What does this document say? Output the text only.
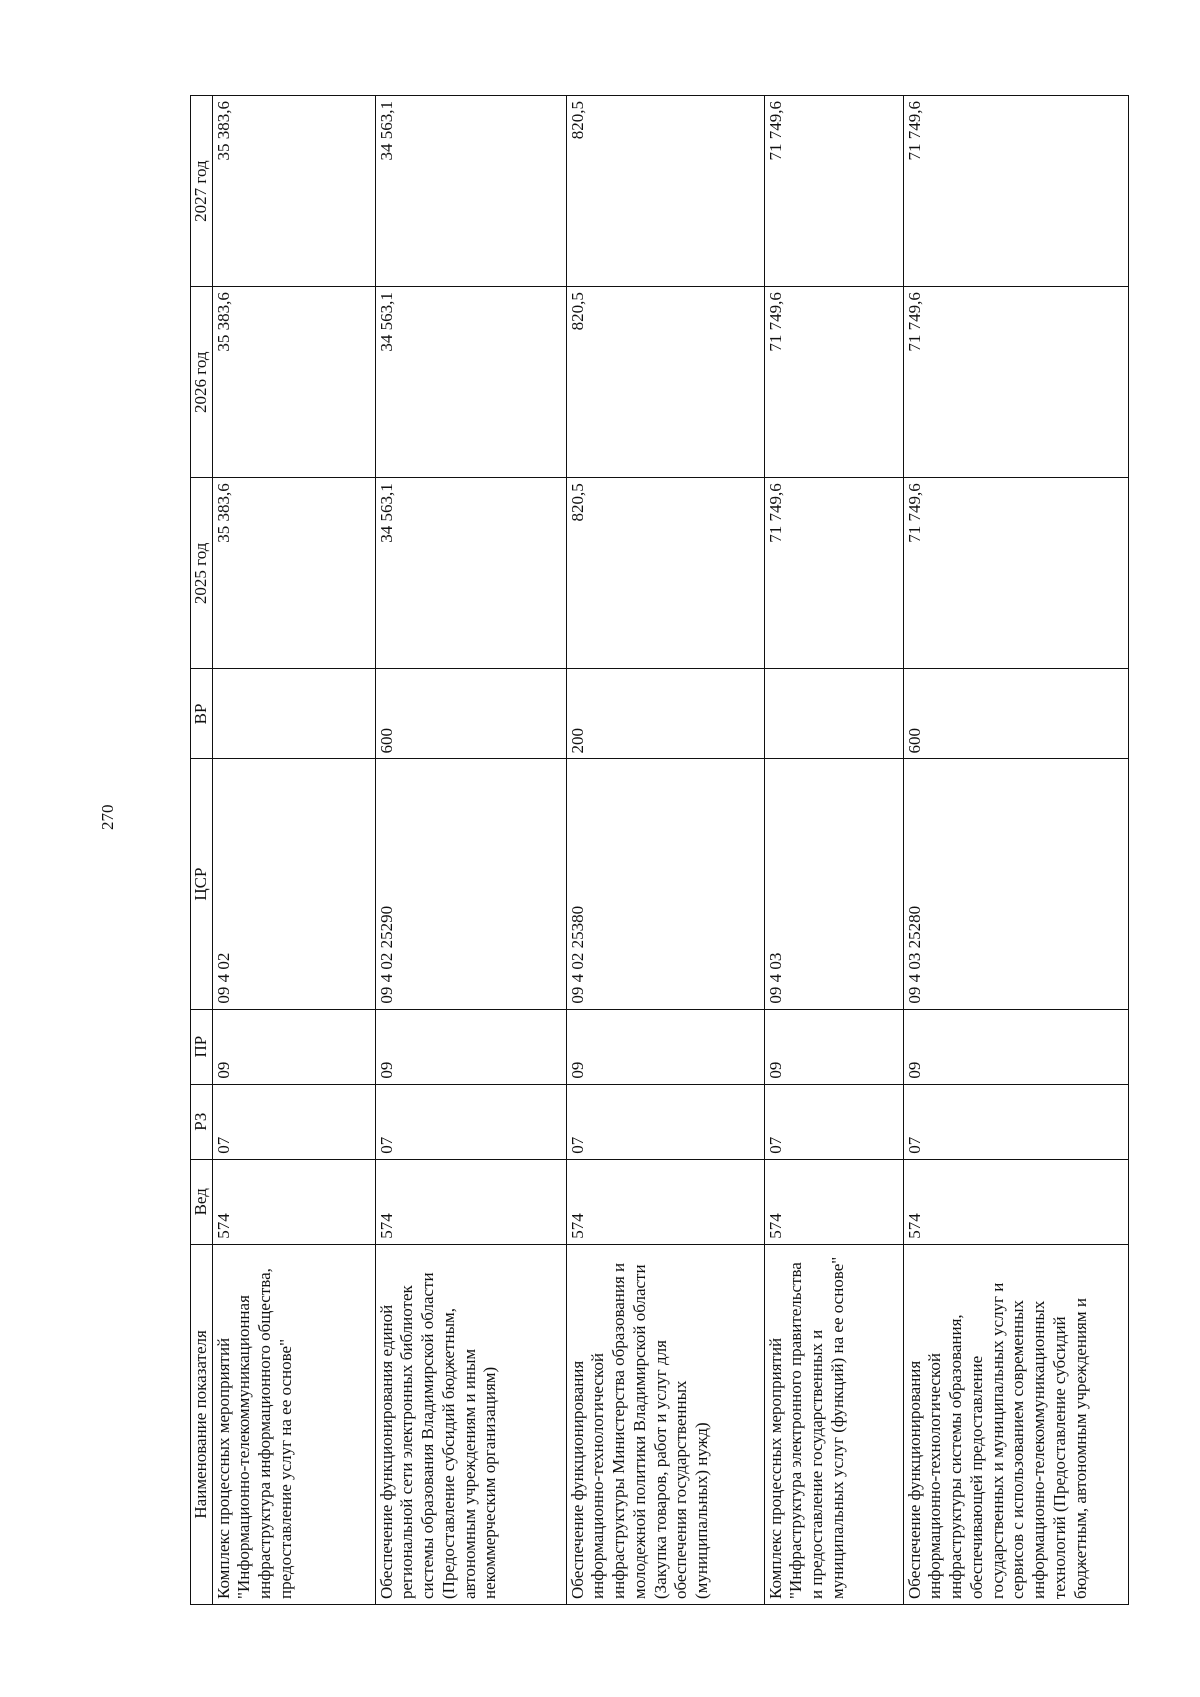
270
Наименование показателя	Вед	РЗ	ПР	ЦСР	ВР	2025 год	2026 год	2027 год
Комплекс процессных мероприятий "Информационно-телекоммуникационная инфраструктура информационного общества, предоставление услуг на ее основе"	574	07	09	09 4 02		35 383,6	35 383,6	35 383,6
Обеспечение функционирования единой региональной сети электронных библиотек системы образования Владимирской области (Предоставление субсидий бюджетным, автономным учреждениям и иным некоммерческим организациям)	574	07	09	09 4 02 25290	600	34 563,1	34 563,1	34 563,1
Обеспечение функционирования информационно-технологической инфраструктуры Министерства образования и молодежной политики Владимирской области (Закупка товаров, работ и услуг для обеспечения государственных (муниципальных) нужд)	574	07	09	09 4 02 25380	200	820,5	820,5	820,5
Комплекс процессных мероприятий "Инфраструктура электронного правительства и предоставление государственных и муниципальных услуг (функций) на ее основе"	574	07	09	09 4 03		71 749,6	71 749,6	71 749,6
Обеспечение функционирования информационно-технологической инфраструктуры системы образования, обеспечивающей предоставление государственных и муниципальных услуг и сервисов с использованием современных информационно-телекоммуникационных технологий (Предоставление субсидий бюджетным, автономным учреждениям и	574	07	09	09 4 03 25280	600	71 749,6	71 749,6	71 749,6
